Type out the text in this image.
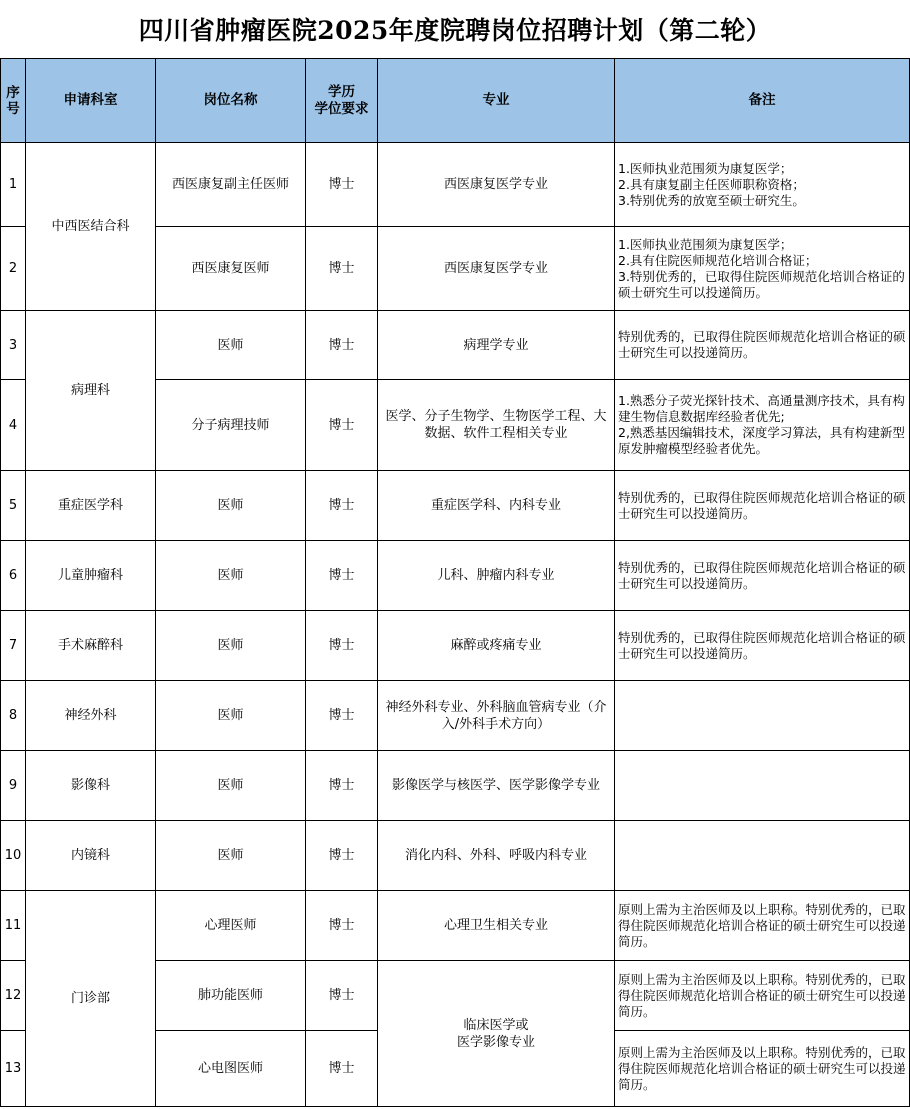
四川省肿瘤医院2025年度院聘岗位招聘计划（第二轮）
序
号	申请科室	岗位名称	学历
学位要求	专业	备注
1	中西医结合科	西医康复副主任医师	博士	西医康复医学专业	1.医师执业范围须为康复医学；
2.具有康复副主任医师职称资格；
3.特别优秀的放宽至硕士研究生。

2		西医康复医师	博士	西医康复医学专业	1.医师执业范围须为康复医学；
2.具有住院医师规范化培训合格证；
3.特别优秀的，已取得住院医师规范化培训合格证的硕士研究生可以投递简历。

3	病理科	医师	博士	病理学专业	特别优秀的，已取得住院医师规范化培训合格证的硕士研究生可以投递简历。
4		分子病理技师	博士	医学、分子生物学、生物医学工程、大数据、软件工程相关专业	1.熟悉分子荧光探针技术、高通量测序技术，具有构建生物信息数据库经验者优先;
2,熟悉基因编辑技术，深度学习算法，具有构建新型原发肿瘤模型经验者优先。

5	重症医学科	医师	博士	重症医学科、内科专业	特别优秀的，已取得住院医师规范化培训合格证的硕士研究生可以投递简历。
6	儿童肿瘤科	医师	博士	儿科、肿瘤内科专业	特别优秀的，已取得住院医师规范化培训合格证的硕士研究生可以投递简历。
7	手术麻醉科	医师	博士	麻醉或疼痛专业	特别优秀的，已取得住院医师规范化培训合格证的硕士研究生可以投递简历。
8	神经外科	医师	博士	神经外科专业、外科脑血管病专业（介入/外科手术方向）	
9	影像科	医师	博士	影像医学与核医学、医学影像学专业	
10	内镜科	医师	博士	消化内科、外科、呼吸内科专业	
11	门诊部	心理医师	博士	心理卫生相关专业	原则上需为主治医师及以上职称。特别优秀的，已取得住院医师规范化培训合格证的硕士研究生可以投递简历。
12		肺功能医师	博士	临床医学或
医学影像专业	原则上需为主治医师及以上职称。特别优秀的，已取得住院医师规范化培训合格证的硕士研究生可以投递简历。
13		心电图医师	博士		原则上需为主治医师及以上职称。特别优秀的，已取得住院医师规范化培训合格证的硕士研究生可以投递简历。
